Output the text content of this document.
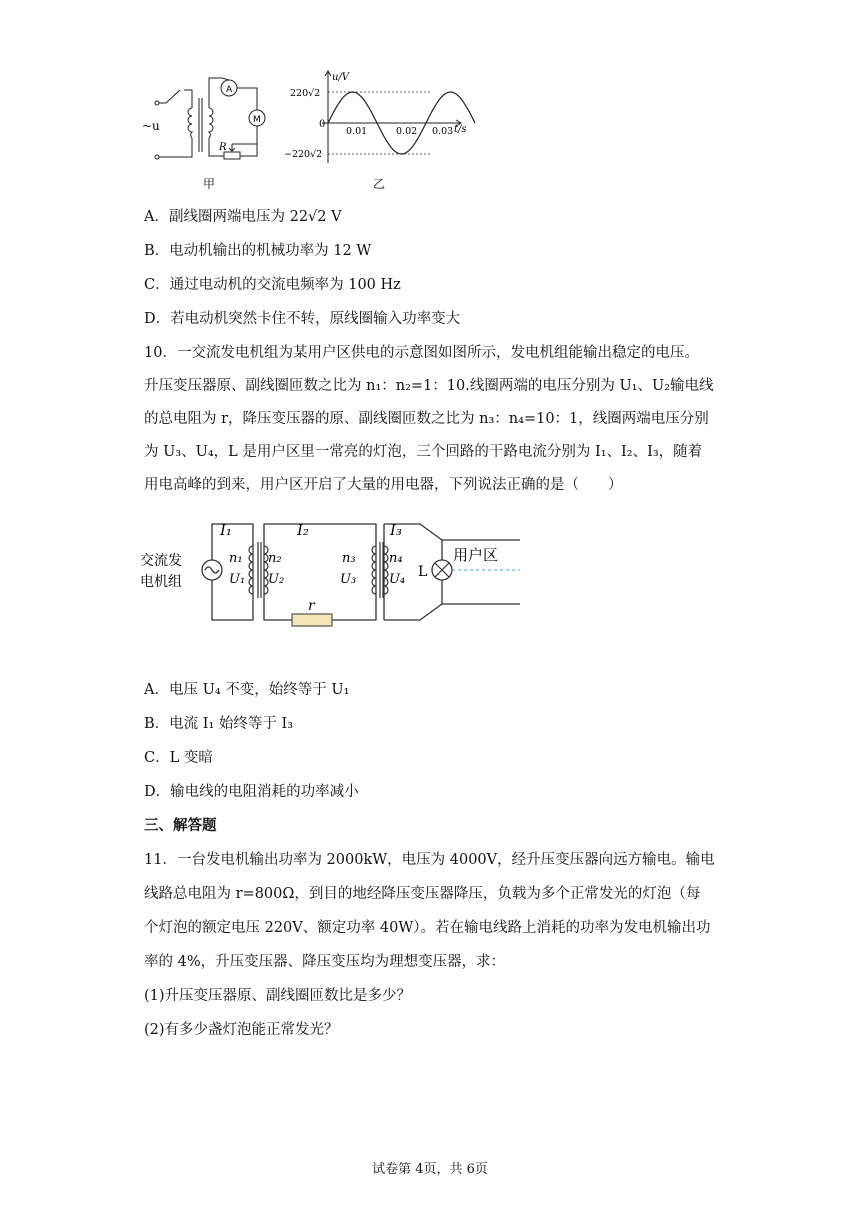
~u
A
M
R
甲
u/V
t/s
0
220√2
−220√2
0.01	0.02 0.03
乙
A．副线圈两端电压为 22√2 V
B．电动机输出的机械功率为 12 W
C．通过电动机的交流电频率为 100 Hz
D．若电动机突然卡住不转，原线圈输入功率变大
10．一交流发电机组为某用户区供电的示意图如图所示，发电机组能输出稳定的电压。
升压变压器原、副线圈匝数之比为 n₁：n₂=1：10.线圈两端的电压分别为 U₁、U₂输电线
的总电阻为 r，降压变压器的原、副线圈匝数之比为 n₃：n₄=10：1，线圈两端电压分别
为 U₃、U₄，L 是用户区里一常亮的灯泡，三个回路的干路电流分别为 I₁、I₂、I₃，随着
用电高峰的到来，用户区开启了大量的用电器，下列说法正确的是（　　）
交流发
电机组
I₁	I₂	I₃
n₁
U₁
n₂
U₂
n₃
U₃
n₄
U₄
r
L
用户区
A．电压 U₄ 不变，始终等于 U₁
B．电流 I₁ 始终等于 I₃
C．L 变暗
D．输电线的电阻消耗的功率减小
三、解答题
11．一台发电机输出功率为 2000kW，电压为 4000V，经升压变压器向远方输电。输电
线路总电阻为 r=800Ω，到目的地经降压变压器降压，负载为多个正常发光的灯泡（每
个灯泡的额定电压 220V、额定功率 40W）。若在输电线路上消耗的功率为发电机输出功
率的 4%，升压变压器、降压变压均为理想变压器，求：
(1)升压变压器原、副线圈匝数比是多少？
(2)有多少盏灯泡能正常发光？
试卷第 4页，共 6页
